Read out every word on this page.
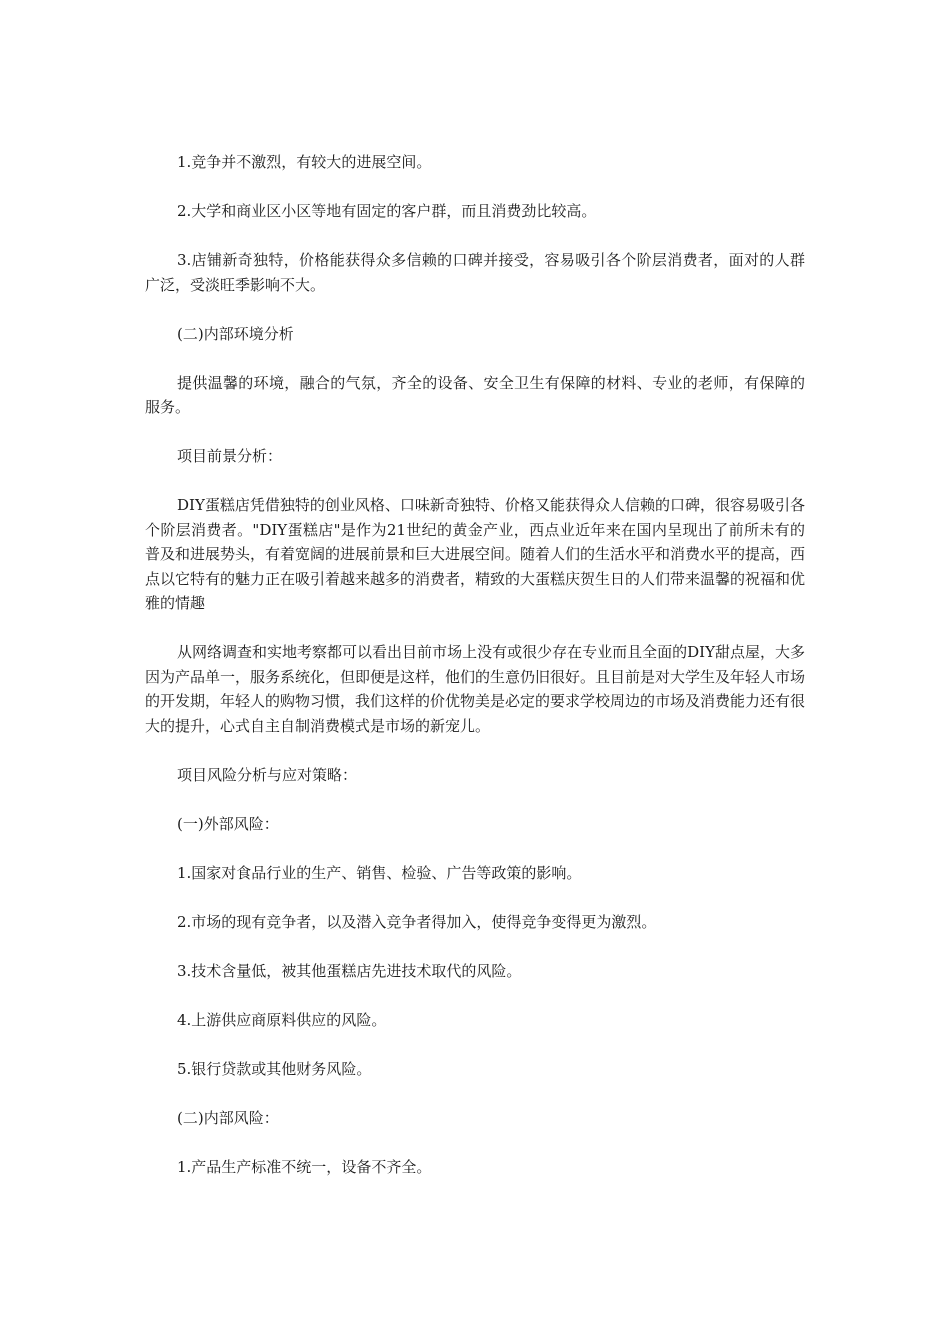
1.竞争并不激烈，有较大的进展空间。

2.大学和商业区小区等地有固定的客户群，而且消费劲比较高。

3.店铺新奇独特，价格能获得众多信赖的口碑并接受，容易吸引各个阶层消费者，面对的人群广泛，受淡旺季影响不大。

(二)内部环境分析

提供温馨的环境，融合的气氛，齐全的设备、安全卫生有保障的材料、专业的老师，有保障的服务。

项目前景分析：

DIY蛋糕店凭借独特的创业风格、口味新奇独特、价格又能获得众人信赖的口碑，很容易吸引各个阶层消费者。"DIY蛋糕店"是作为21世纪的黄金产业，西点业近年来在国内呈现出了前所未有的普及和进展势头，有着宽阔的进展前景和巨大进展空间。随着人们的生活水平和消费水平的提高，西点以它特有的魅力正在吸引着越来越多的消费者，精致的大蛋糕庆贺生日的人们带来温馨的祝福和优雅的情趣

从网络调查和实地考察都可以看出目前市场上没有或很少存在专业而且全面的DIY甜点屋，大多因为产品单一，服务系统化，但即便是这样，他们的生意仍旧很好。且目前是对大学生及年轻人市场的开发期，年轻人的购物习惯，我们这样的价优物美是必定的要求学校周边的市场及消费能力还有很大的提升，心式自主自制消费模式是市场的新宠儿。

项目风险分析与应对策略：

(一)外部风险：

1.国家对食品行业的生产、销售、检验、广告等政策的影响。

2.市场的现有竞争者，以及潜入竞争者得加入，使得竞争变得更为激烈。

3.技术含量低，被其他蛋糕店先进技术取代的风险。

4.上游供应商原料供应的风险。

5.银行贷款或其他财务风险。

(二)内部风险：

1.产品生产标准不统一，设备不齐全。
